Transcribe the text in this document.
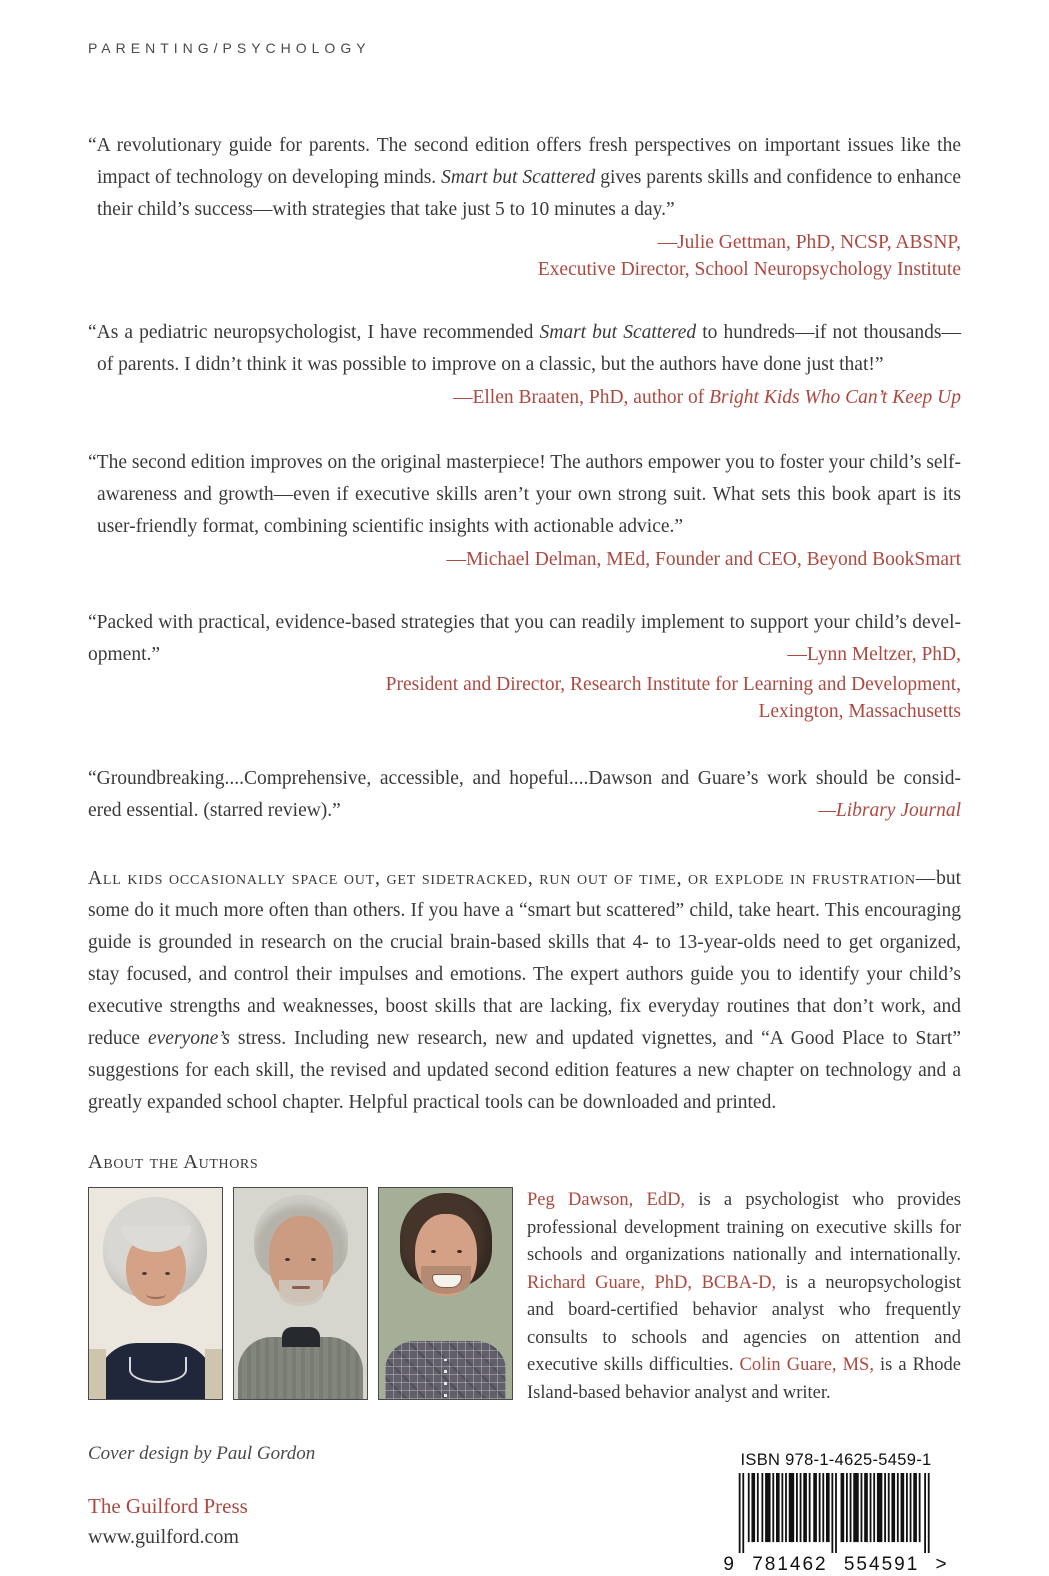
PARENTING/PSYCHOLOGY

“A revolutionary guide for parents. The second edition offers fresh perspectives on important issues like the impact of technology on developing minds. Smart but Scattered gives parents skills and confidence to enhance their child’s success—with strategies that take just 5 to 10 minutes a day.”

—Julie Gettman, PhD, NCSP, ABSNP,

Executive Director, School Neuropsychology Institute

“As a pediatric neuropsychologist, I have recommended Smart but Scattered to hundreds—if not thousands—of parents. I didn’t think it was possible to improve on a classic, but the authors have done just that!”

—Ellen Braaten, PhD, author of Bright Kids Who Can’t Keep Up

“The second edition improves on the original masterpiece! The authors empower you to foster your child’s self-awareness and growth—even if executive skills aren’t your own strong suit. What sets this book apart is its user-friendly format, combining scientific insights with actionable advice.”

—Michael Delman, MEd, Founder and CEO, Beyond BookSmart

“Packed with practical, evidence-based strategies that you can readily implement to support your child’s devel-

opment.”	—Lynn Meltzer, PhD,

President and Director, Research Institute for Learning and Development,

Lexington, Massachusetts

“Groundbreaking....Comprehensive, accessible, and hopeful....Dawson and Guare’s work should be consid-

ered essential. (starred review).”	—Library Journal

All kids occasionally space out, get sidetracked, run out of time, or explode in frustration—but some do it much more often than others. If you have a “smart but scattered” child, take heart. This encouraging guide is grounded in research on the crucial brain-based skills that 4- to 13-year-olds need to get organized, stay focused, and control their impulses and emotions. The expert authors guide you to identify your child’s executive strengths and weaknesses, boost skills that are lacking, fix everyday routines that don’t work, and reduce everyone’s stress. Including new research, new and updated vignettes, and “A Good Place to Start” suggestions for each skill, the revised and updated second edition features a new chapter on technology and a greatly expanded school chapter. Helpful practical tools can be downloaded and printed.

About the Authors

Peg Dawson, EdD, is a psychologist who provides professional development training on executive skills for schools and organizations nationally and internationally. Richard Guare, PhD, BCBA-D, is a neuropsychologist and board-certified behavior analyst who frequently consults to schools and agencies on attention and executive skills difficulties. Colin Guare, MS, is a Rhode Island-based behavior analyst and writer.

Cover design by Paul Gordon

The Guilford Press

www.guilford.com

ISBN 978-1-4625-5459-1

9 781462 554591 >
